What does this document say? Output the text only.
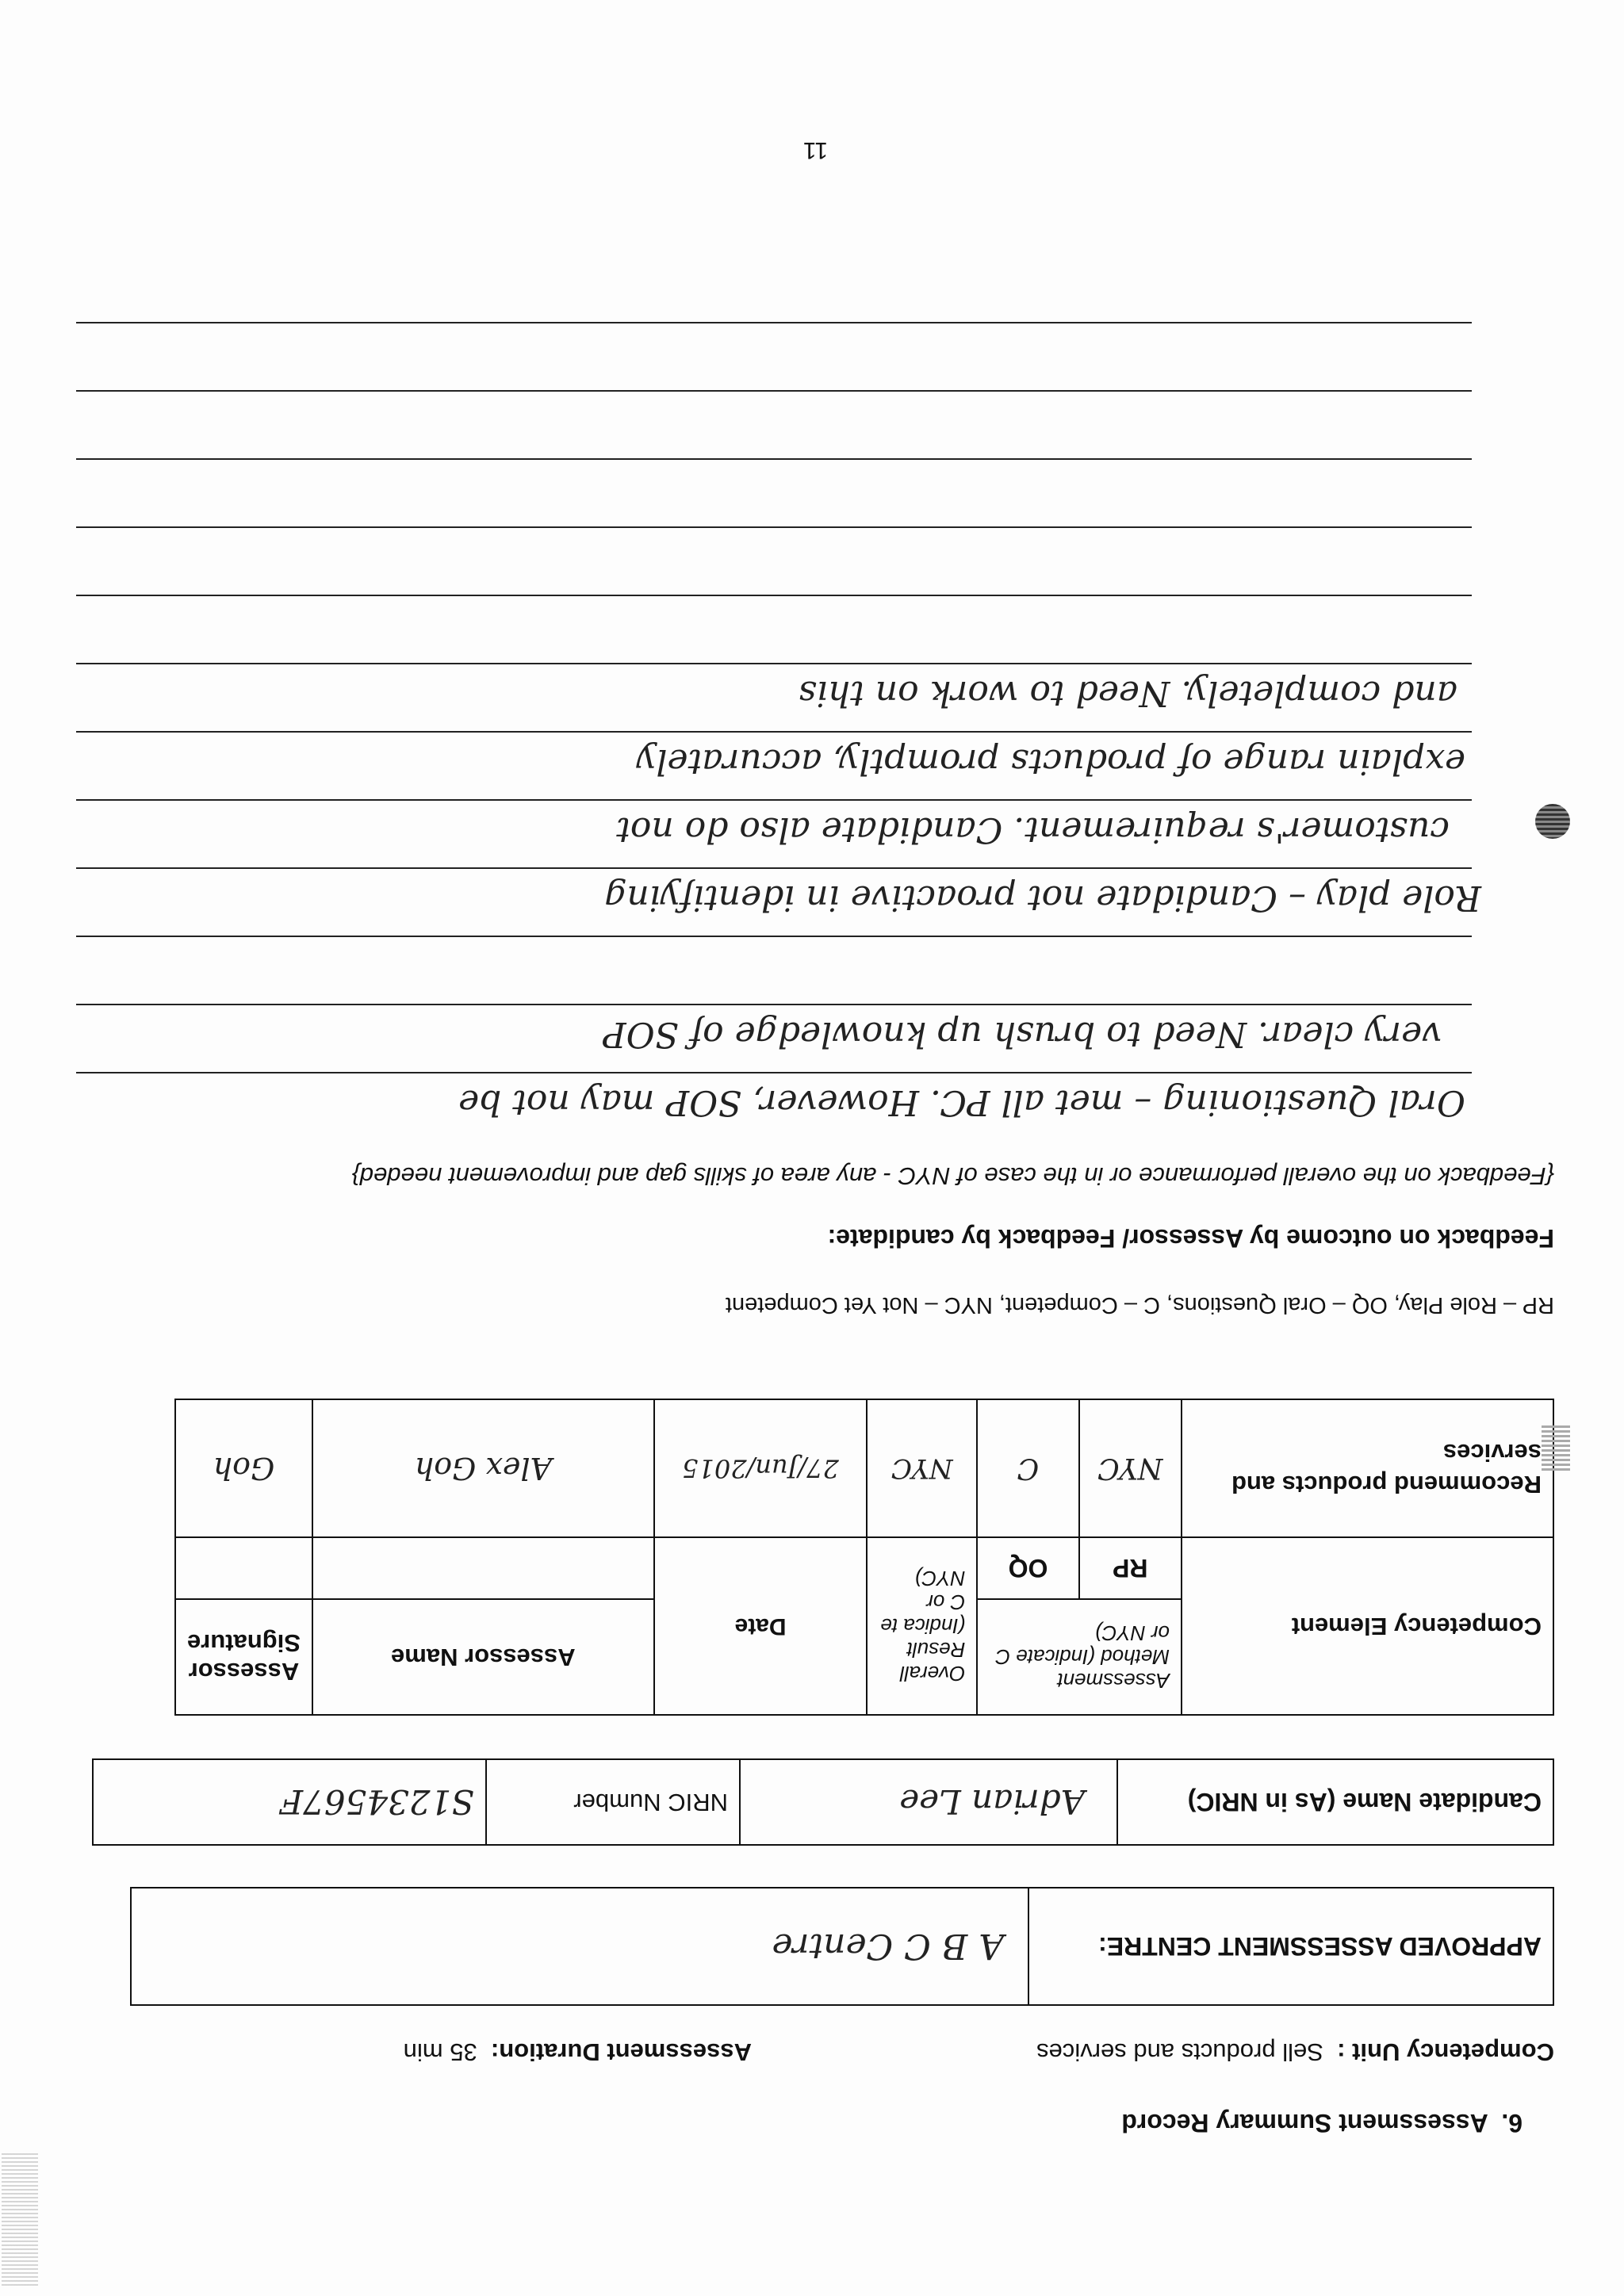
6.  Assessment Summary Record
Competency Unit :  Sell products and services
Assessment Duration:  35 min
APPROVED ASSESSMENT CENTRE:	A B C Centre
Candidate Name (As in NRIC)	Adrian Lee	NRIC Number	S1234567F
Competency Element	Assessment Method (Indicate C or NYC)		Overall Result (Indica te C or NYC)	Date	Assessor Name	Assessor Signature
	RP	OQ				
Recommend products and services	NYC	C	NYC	27/Jun/2015	Alex Goh	Goh
RP – Role Play, OQ – Oral Questions, C – Competent, NYC – Not Yet Competent
Feedback on outcome by Assessor/ Feedback by candidate:
{Feedback on the overall performance or in the case of NYC - any area of skills gap and improvement needed}
Oral Questioning – met all PC. However, SOP may not be
very clear. Need to brush up knowledge of SOP
Role play – Candidate not proactive in identifying
customer's requirement. Candidate also do not
explain range of products promptly, accurately
and completely. Need to work on this
11
